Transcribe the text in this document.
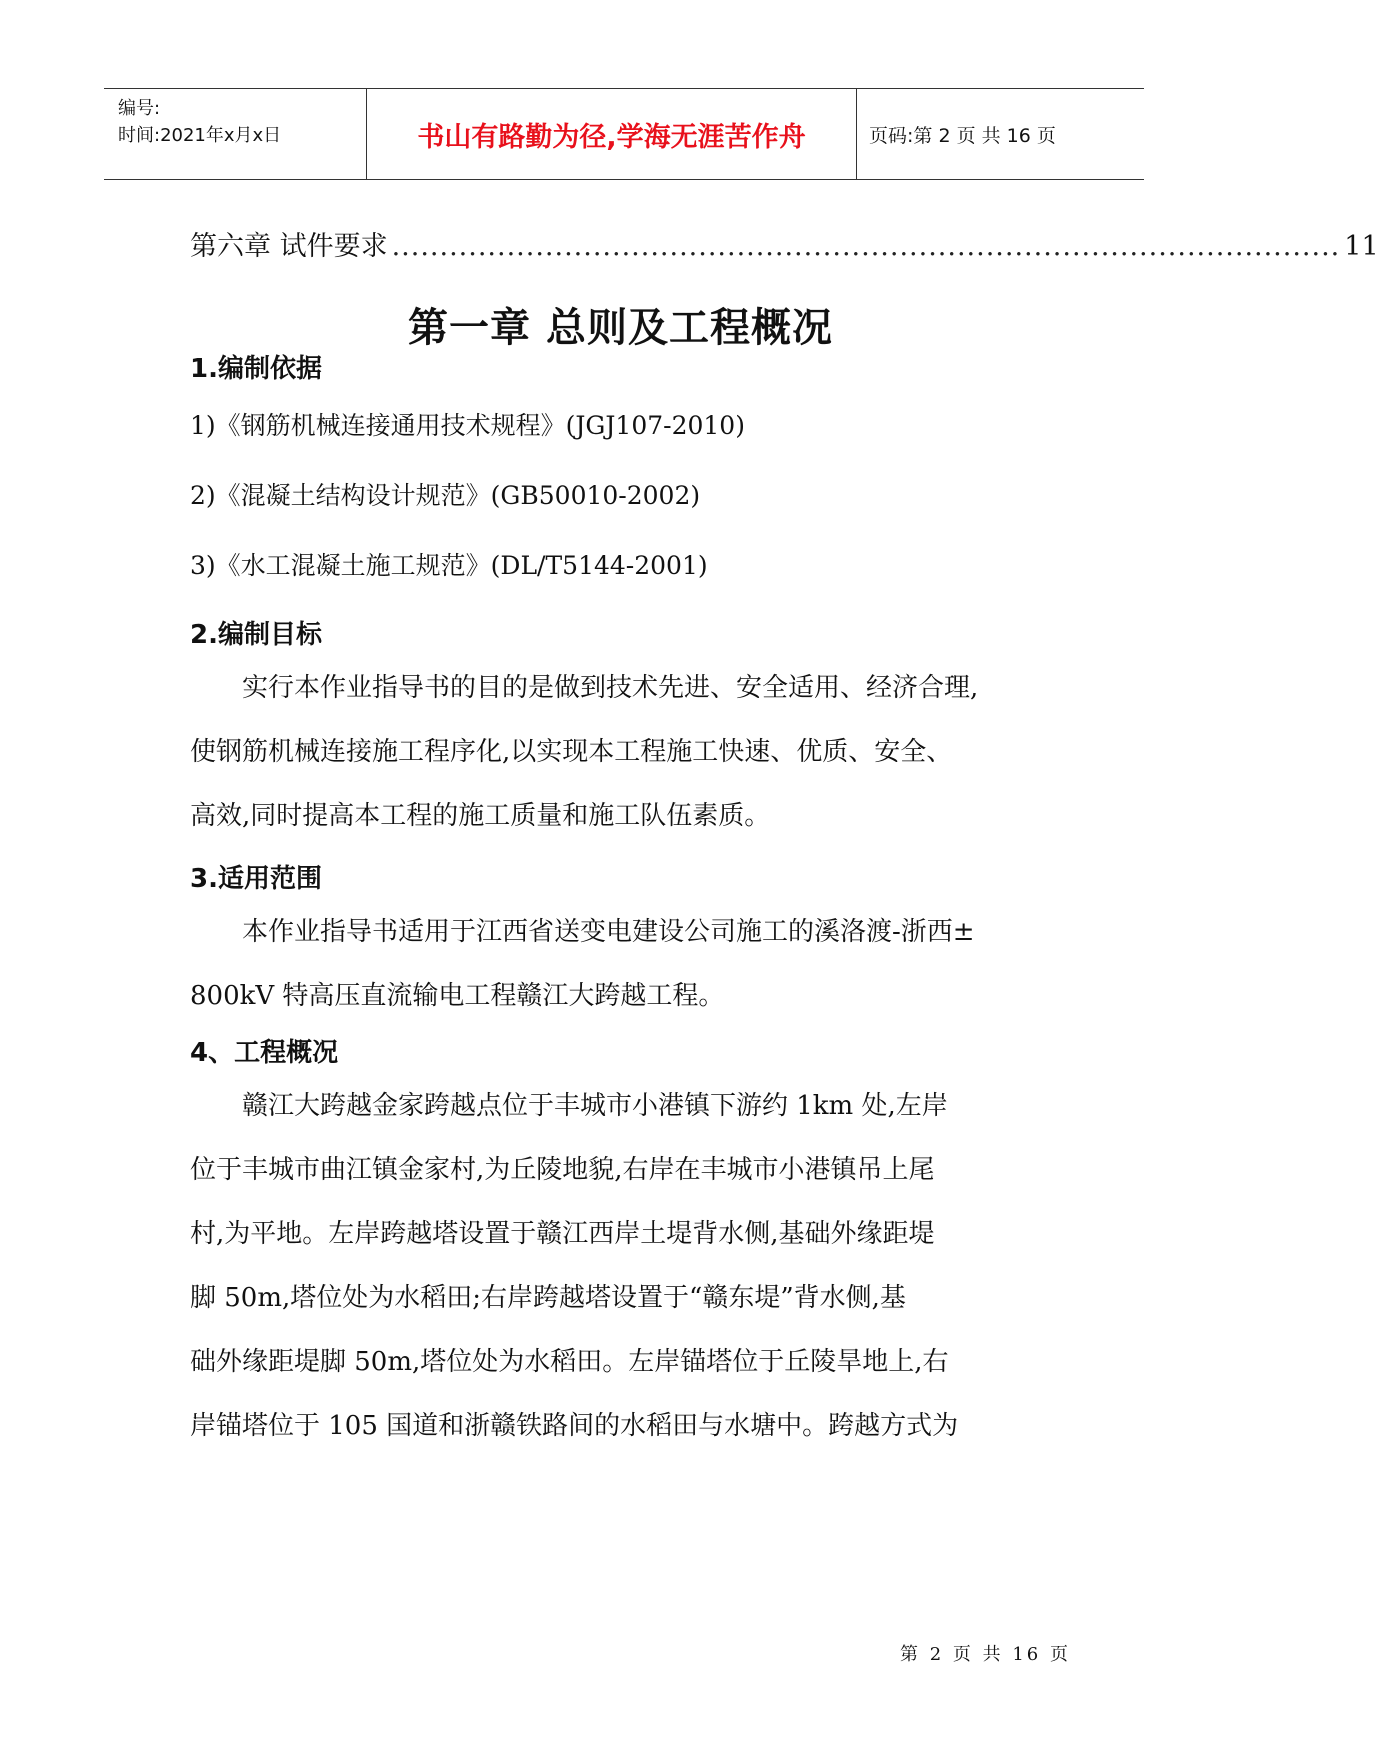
编号:
时间:2021年x月x日	书山有路勤为径,学海无涯苦作舟	页码:第 2 页 共 16 页
第六章 试件要求 ................................................................................................... 11
第一章 总则及工程概况
1.编制依据
1)《钢筋机械连接通用技术规程》(JGJ107-2010)
2)《混凝土结构设计规范》(GB50010-2002)
3)《水工混凝土施工规范》(DL/T5144-2001)
2.编制目标
　　实行本作业指导书的目的是做到技术先进、安全适用、经济合理,
使钢筋机械连接施工程序化,以实现本工程施工快速、优质、安全、
高效,同时提高本工程的施工质量和施工队伍素质。
3.适用范围
　　本作业指导书适用于江西省送变电建设公司施工的溪洛渡-浙西±
800kV 特高压直流输电工程赣江大跨越工程。
4、工程概况
　　赣江大跨越金家跨越点位于丰城市小港镇下游约 1km 处,左岸
位于丰城市曲江镇金家村,为丘陵地貌,右岸在丰城市小港镇吊上尾
村,为平地。左岸跨越塔设置于赣江西岸土堤背水侧,基础外缘距堤
脚 50m,塔位处为水稻田;右岸跨越塔设置于“赣东堤”背水侧,基
础外缘距堤脚 50m,塔位处为水稻田。左岸锚塔位于丘陵旱地上,右
岸锚塔位于 105 国道和浙赣铁路间的水稻田与水塘中。跨越方式为
第 2 页 共 16 页
